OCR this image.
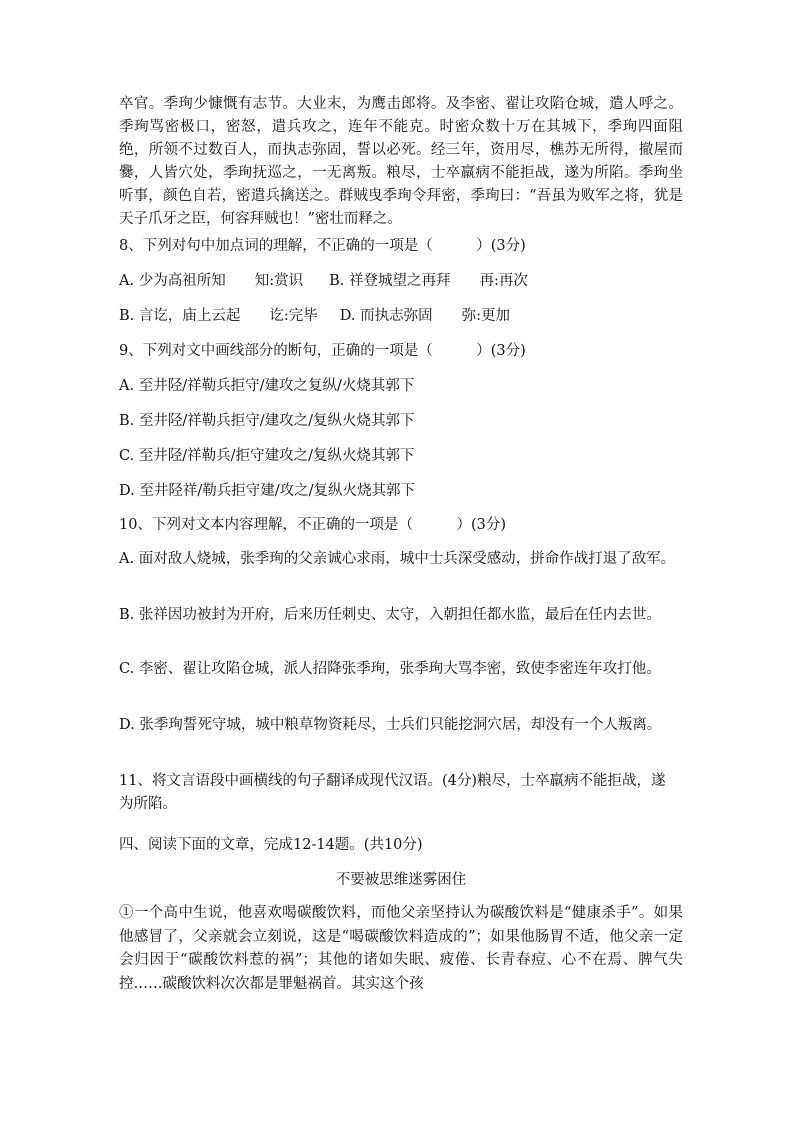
卒官。季珣少慷慨有志节。大业末，为鹰击郎将。及李密、翟让攻陷仓城，遣人呼之。季珣骂密极口，密怒，遣兵攻之，连年不能克。时密众数十万在其城下，季珣四面阻绝，所领不过数百人，而执志弥固，誓以必死。经三年，资用尽，樵苏无所得，撤屋而爨，人皆穴处，季珣抚巡之，一无离叛。粮尽，士卒羸病不能拒战，遂为所陷。季珣坐听事，颜色自若，密遣兵擒送之。群贼曳季珣令拜密，季珣曰：“吾虽为败军之将，犹是天子爪牙之臣，何容拜贼也！”密壮而释之。
8、下列对句中加点词的理解，不正确的一项是（　　　）(3分)
A. 少为高祖所知　　知:赏识 B. 祥登城望之再拜　　再:再次
B. 言讫，庙上云起　　讫:完毕 D. 而执志弥固　　弥:更加
9、下列对文中画线部分的断句，正确的一项是（　　　）(3分)
A. 至井陉/祥勒兵拒守/建攻之复纵/火烧其郭下
B. 至井陉/祥勒兵拒守/建攻之/复纵火烧其郭下
C. 至井陉/祥勒兵/拒守建攻之/复纵火烧其郭下
D. 至井陉祥/勒兵拒守建/攻之/复纵火烧其郭下
10、下列对文本内容理解，不正确的一项是（　　　）(3分)
A. 面对敌人烧城，张季珣的父亲诚心求雨，城中士兵深受感动，拼命作战打退了敌军。
B. 张祥因功被封为开府，后来历任刺史、太守，入朝担任都水监，最后在任内去世。
C. 李密、翟让攻陷仓城，派人招降张季珣，张季珣大骂李密，致使李密连年攻打他。
D. 张季珣誓死守城，城中粮草物资耗尽，士兵们只能挖洞穴居，却没有一个人叛离。
11、将文言语段中画横线的句子翻译成现代汉语。(4分)粮尽，士卒羸病不能拒战，遂为所陷。
四、阅读下面的文章，完成12-14题。(共10分)
不要被思维迷雾困住
①一个高中生说，他喜欢喝碳酸饮料，而他父亲坚持认为碳酸饮料是“健康杀手”。如果他感冒了，父亲就会立刻说，这是“喝碳酸饮料造成的”；如果他肠胃不适，他父亲一定会归因于“碳酸饮料惹的祸”；其他的诸如失眠、疲倦、长青春痘、心不在焉、脾气失控……碳酸饮料次次都是罪魁祸首。其实这个孩
